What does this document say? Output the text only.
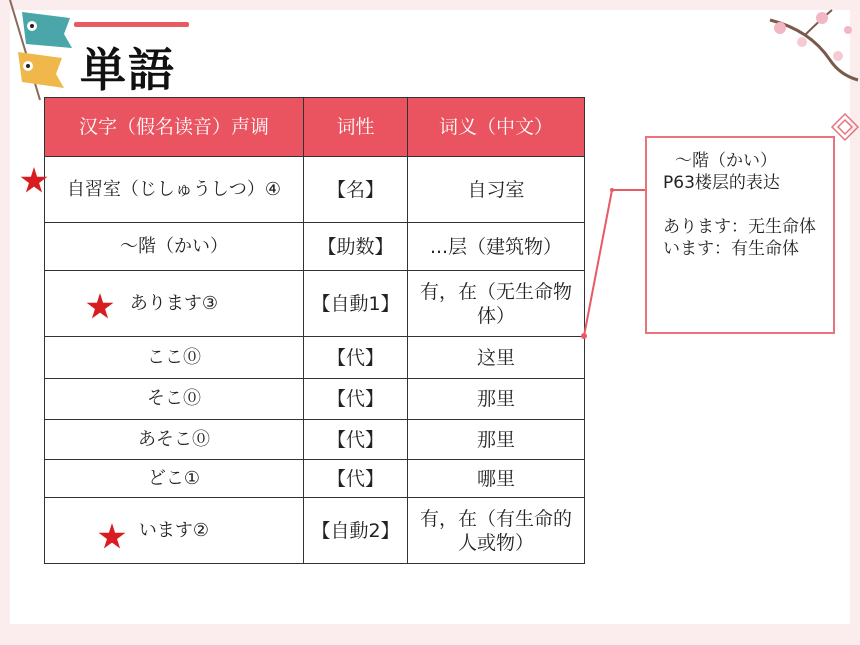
単語
汉字（假名读音）声调	词性	词义（中文）
自習室（じしゅうしつ）④	【名】	自习室
～階（かい）	【助数】	...层（建筑物）
あります③	【自動1】	有，在（无生命物体）
ここ⓪	【代】	这里
そこ⓪	【代】	那里
あそこ⓪	【代】	那里
どこ①	【代】	哪里
います②	【自動2】	有，在（有生命的人或物）
～階（かい）
P63楼层的表达
あります：无生命体
います：有生命体
